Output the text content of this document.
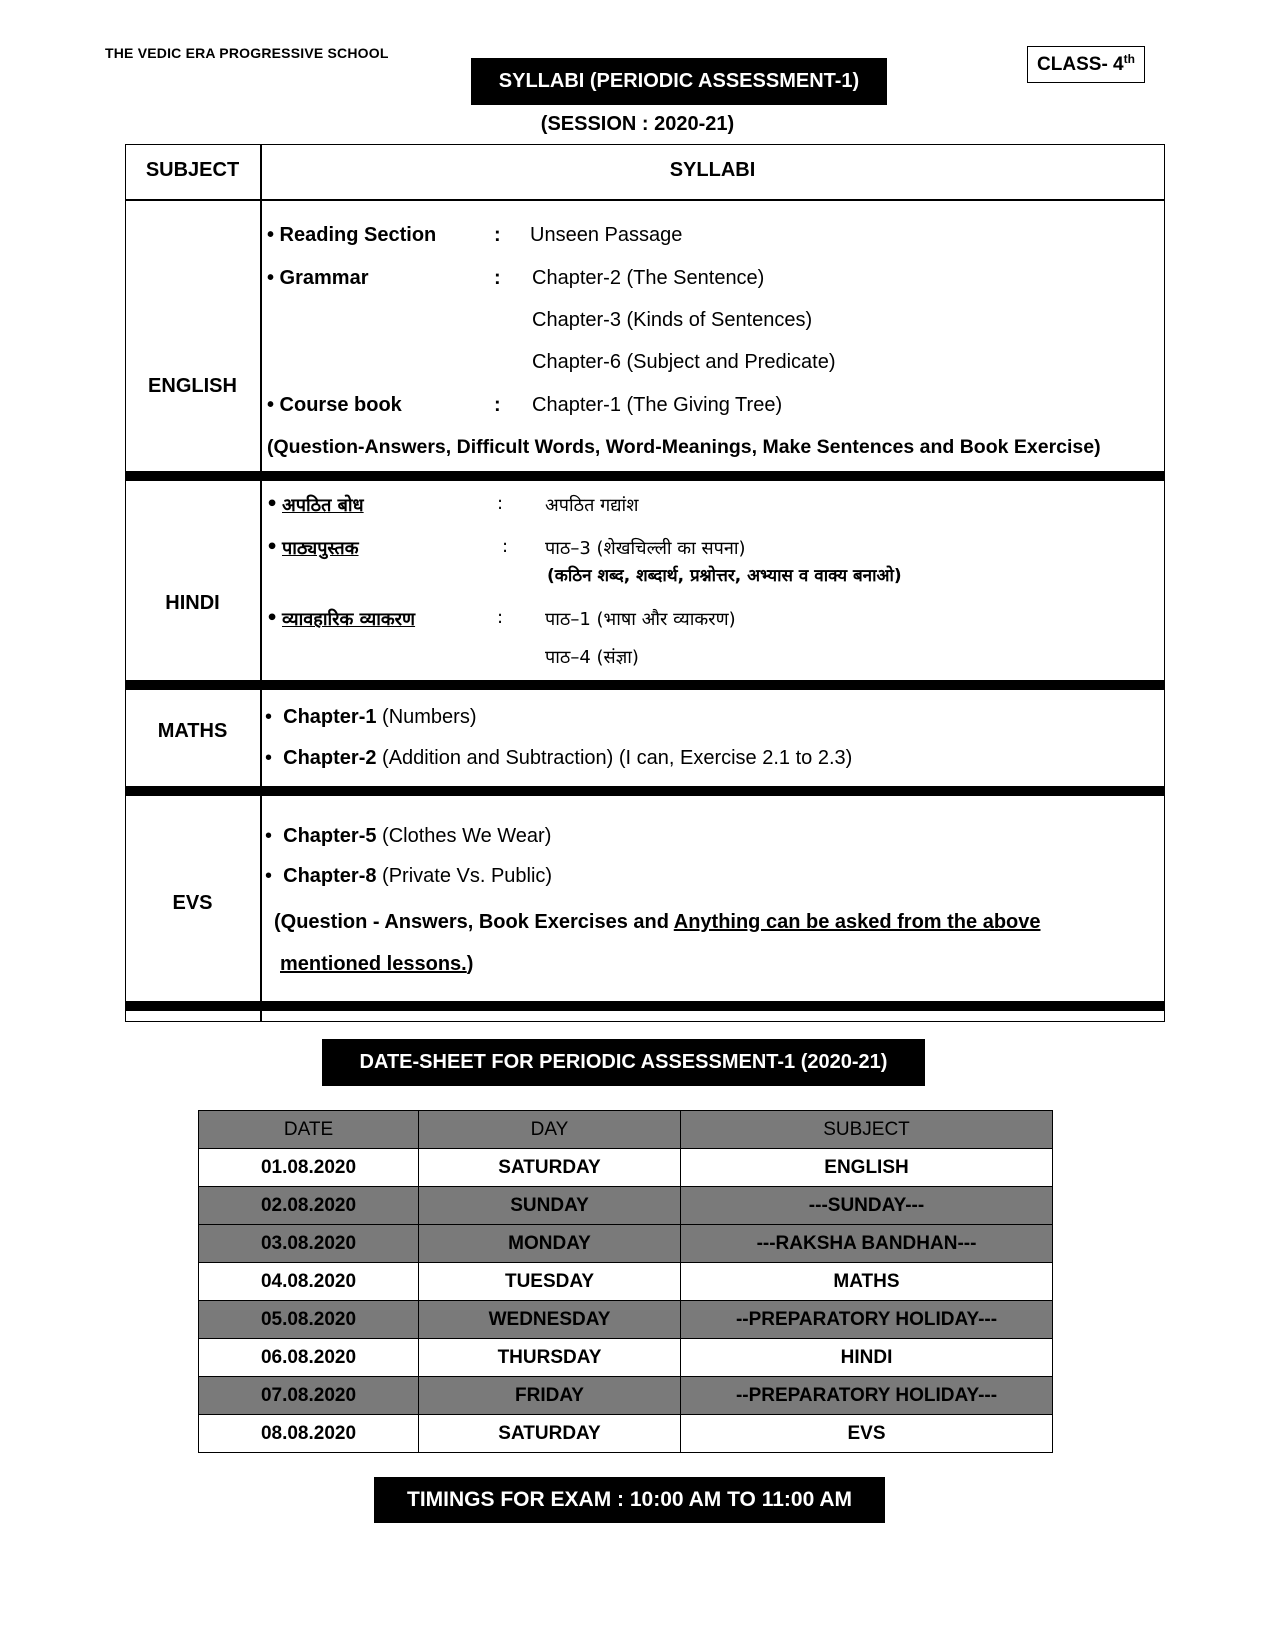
THE VEDIC ERA PROGRESSIVE SCHOOL
SYLLABI (PERIODIC ASSESSMENT-1)
CLASS- 4th
(SESSION : 2020-21)
SUBJECT	SYLLABI
ENGLISH
• Reading Section	: Unseen Passage
• Grammar	: Chapter-2 (The Sentence)
Chapter-3 (Kinds of Sentences)
Chapter-6 (Subject and Predicate)
• Course book	: Chapter-1 (The Giving Tree)
(Question-Answers, Difficult Words, Word-Meanings, Make Sentences and Book Exercise)
HINDI
• अपठित बोध	: अपठित गद्यांश
• पाठ्यपुस्तक	: पाठ–3 (शेखचिल्ली का सपना)
(कठिन शब्द, शब्दार्थ, प्रश्नोत्तर, अभ्यास व वाक्य बनाओ)
• व्यावहारिक व्याकरण	: पाठ–1 (भाषा और व्याकरण)
पाठ–4 (संज्ञा)
MATHS
•  Chapter-1 (Numbers)
•  Chapter-2 (Addition and Subtraction) (I can, Exercise 2.1 to 2.3)
EVS
•  Chapter-5 (Clothes We Wear)
•  Chapter-8 (Private Vs. Public)
(Question - Answers, Book Exercises and Anything can be asked from the above
mentioned lessons.)
DATE-SHEET FOR PERIODIC ASSESSMENT-1 (2020-21)
DATE	DAY	SUBJECT
01.08.2020	SATURDAY	ENGLISH
02.08.2020	SUNDAY	---SUNDAY---
03.08.2020	MONDAY	---RAKSHA BANDHAN---
04.08.2020	TUESDAY	MATHS
05.08.2020	WEDNESDAY	--PREPARATORY HOLIDAY---
06.08.2020	THURSDAY	HINDI
07.08.2020	FRIDAY	--PREPARATORY HOLIDAY---
08.08.2020	SATURDAY	EVS
TIMINGS FOR EXAM : 10:00 AM TO 11:00 AM
